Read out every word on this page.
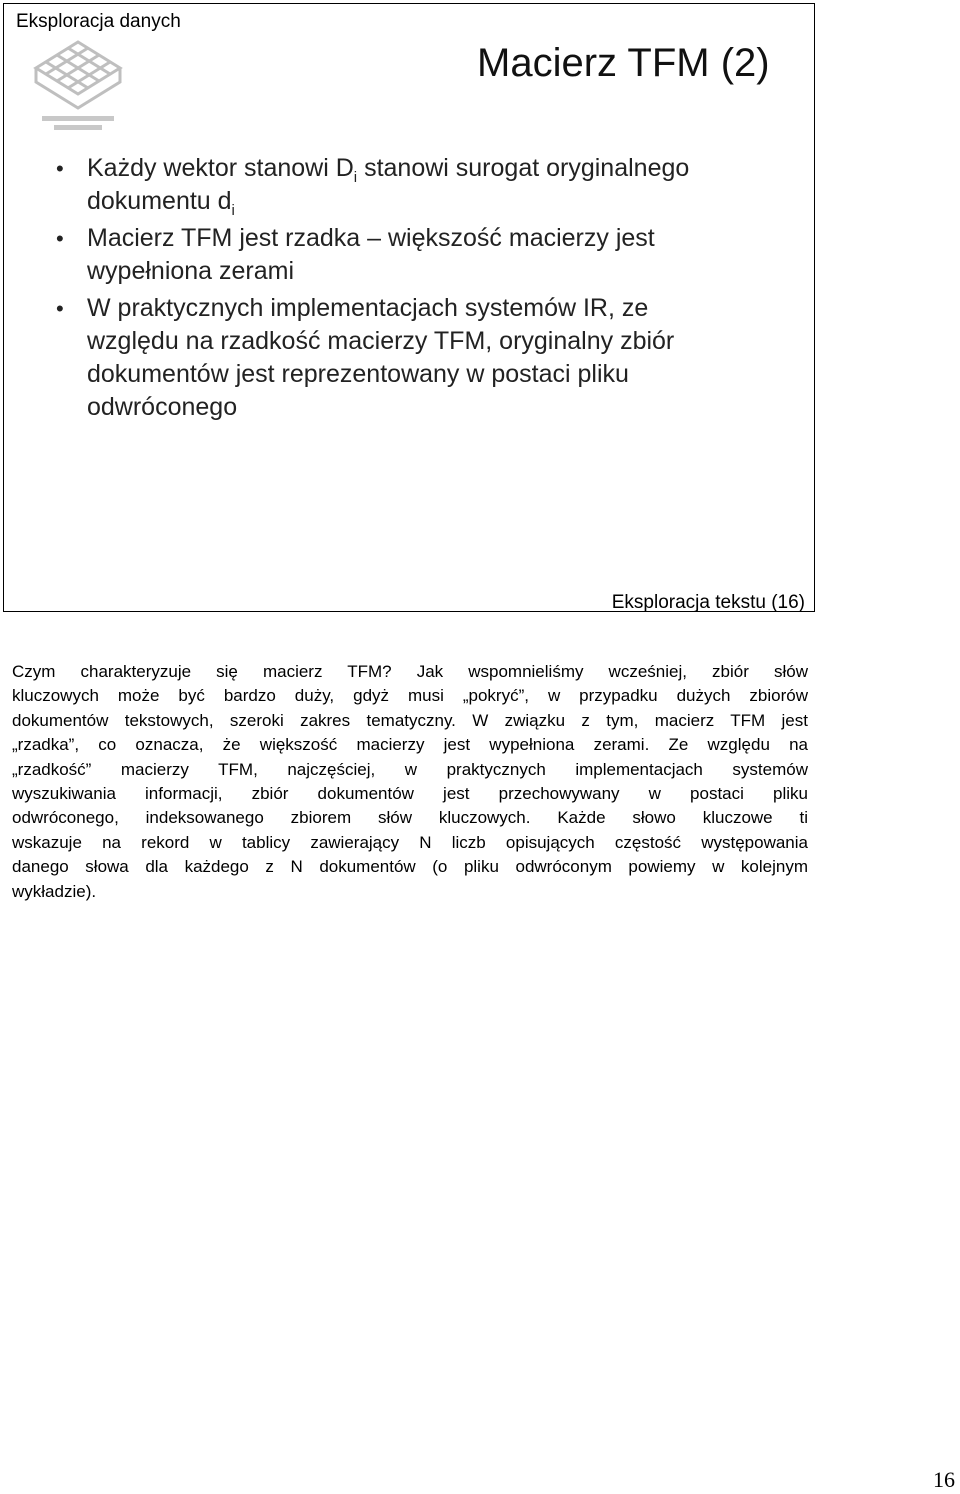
Eksploracja danych
Macierz TFM (2)
• Każdy wektor stanowi $D_i$ stanowi surogat oryginalnego
dokumentu $d_i$
• Macierz TFM jest rzadka – większość macierzy jest
wypełniona zerami
• W praktycznych implementacjach systemów IR, ze
względu na rzadkość macierzy TFM, oryginalny zbiór
dokumentów jest reprezentowany w postaci pliku
odwróconego
Eksploracja tekstu (16)
Czym charakteryzuje się macierz TFM? Jak wspomnieliśmy wcześniej, zbiór słów
kluczowych może być bardzo duży, gdyż musi „pokryć”, w przypadku dużych zbiorów
dokumentów tekstowych, szeroki zakres tematyczny. W związku z tym, macierz TFM jest
„rzadka”, co oznacza, że większość macierzy jest wypełniona zerami. Ze względu na
„rzadkość” macierzy TFM, najczęściej, w praktycznych implementacjach systemów
wyszukiwania informacji, zbiór dokumentów jest przechowywany w postaci pliku
odwróconego, indeksowanego zbiorem słów kluczowych. Każde słowo kluczowe ti
wskazuje na rekord w tablicy zawierający N liczb opisujących częstość występowania
danego słowa dla każdego z N dokumentów (o pliku odwróconym powiemy w kolejnym
wykładzie).
16
